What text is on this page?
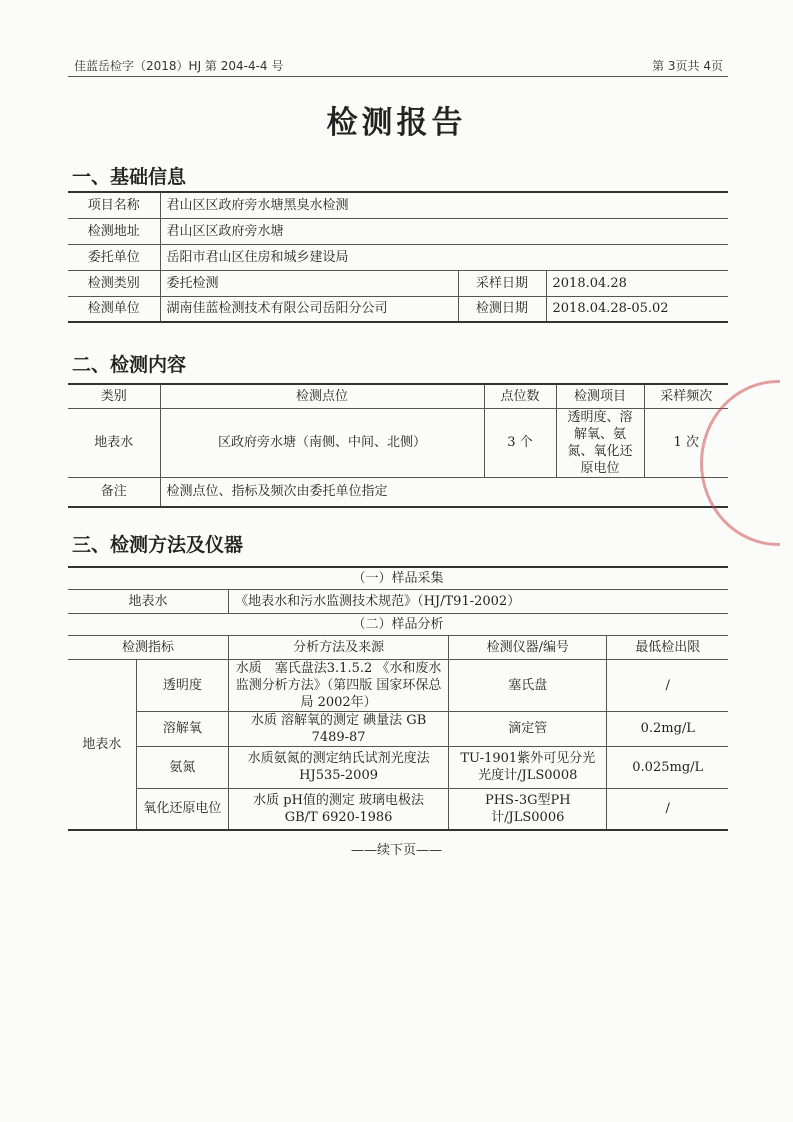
佳蓝岳检字（2018）HJ 第 204-4-4 号	第 3页共 4页
检测报告
一、基础信息
项目名称	君山区区政府旁水塘黑臭水检测		
检测地址	君山区区政府旁水塘		
委托单位	岳阳市君山区住房和城乡建设局		
检测类别	委托检测	采样日期	2018.04.28
检测单位	湖南佳蓝检测技术有限公司岳阳分公司	检测日期	2018.04.28-05.02
二、检测内容
类别	检测点位	点位数	检测项目	采样频次
地表水	区政府旁水塘（南侧、中间、北侧）	3 个	透明度、溶解氧、氨氮、氧化还原电位	1 次
备注	检测点位、指标及频次由委托单位指定			
三、检测方法及仪器
（一）样品采集				
地表水		《地表水和污水监测技术规范》（HJ/T91-2002）		
（二）样品分析				
检测指标		分析方法及来源	检测仪器/编号	最低检出限
地表水	透明度	水质　塞氏盘法3.1.5.2 《水和废水监测分析方法》（第四版 国家环保总局 2002年）	塞氏盘	/
	溶解氧	水质 溶解氧的测定 碘量法 GB 7489-87	滴定管	0.2mg/L
	氨氮	水质氨氮的测定纳氏试剂光度法 HJ535-2009	TU-1901紫外可见分光光度计/JLS0008	0.025mg/L
	氧化还原电位	水质 pH值的测定 玻璃电极法 GB/T 6920-1986	PHS-3G型PH计/JLS0006	/
——续下页——
